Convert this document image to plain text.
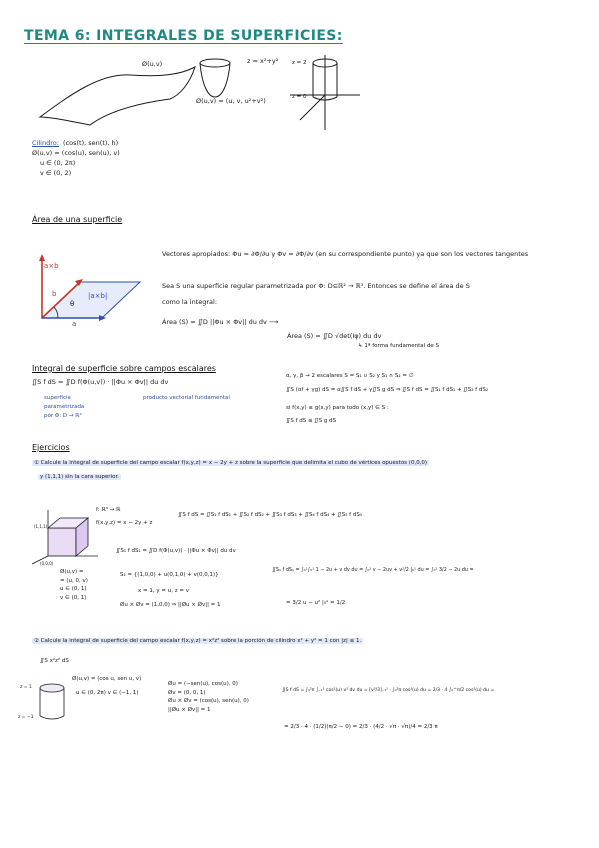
TEMA 6: INTEGRALES DE SUPERFICIES:
Ø(u,v)	z = x²+y²
Ø(u,v) = (u, v, u²+v²)
z = 2
z = 0
Cilindro: (cos(t), sen(t), h)
Ø(u,v) = (cos(u), sen(u), v)
u ∈ (0, 2π)
v ∈ (0, 2)
Área de una superficie
a×b
b
θ
|a×b|
a
Vectores apropiados: Φu = ∂Φ/∂u y Φv = ∂Φ/∂v (en su correspondiente punto) ya que son los vectores tangentes
Sea S una superficie regular parametrizada por Φ: D⊆ℝ² → ℝ³. Entonces se define el área de S
como la integral:
Área (S) = ∬D ||Φu × Φv|| du dv ⟶
Área (S) = ∬D √det(Iφ) du dv
↳ 1ª forma fundamental de S
Integral de superficie sobre campos escalares
∬S f dS = ∬D f(Φ(u,v)) · ||Φu × Φv|| du dv
superficie
parametrizada
por Φ: D → ℝ³
producto vectorial fundamental
α, γ, β → 2 escalares S = S₁ ∪ S₂ y S₁ ∩ S₂ = ∅
∬S (αf + γg) dS = α∬S f dS + γ∬S g dS ⇒ ∬S f dS = ∬S₁ f dS₁ + ∬S₂ f dS₂
si f(x,y) ≤ g(x,y) para todo (x,y) ∈ S :
∬S f dS ≤ ∬S g dS
Ejercicios
① Calcule la integral de superficie del campo escalar f(x,y,z) = x − 2y + z sobre la superficie que delimita el cubo de vértices opuestos (0,0,0)
y (1,1,1) sin la cara superior.
(1,1,1)
(0,0,0)
f: ℝ³ → ℝ
f(x,y,z) = x − 2y + z
∬S f dS = ∬S₁ f dS₁ + ∬S₂ f dS₂ + ∬S₃ f dS₃ + ∬S₄ f dS₄ + ∬S₅ f dS₅
∬S₁ f dS₁ = ∬D f(Φ(u,v)) · ||Φu × Φv|| du dv
Ø(u,v) =
= (u, 0, v)
u ∈ (0, 1)
v ∈ (0, 1)
S₁ = {(1,0,0) + u(0,1,0) + v(0,0,1)}
x = 1, y = u, z = v
Øu × Øv = (1,0,0) ⇒ ||Øu × Øv|| = 1
∬S₁ f dS₁ = ∫₀¹∫₀¹ 1 − 2u + v dv du = ∫₀¹ v − 2uv + v²/2 |₀¹ du = ∫₀¹ 3/2 − 2u du =
= 3/2 u − u² |₀¹ = 1/2
② Calcule la integral de superficie del campo escalar f(x,y,z) = x²z² sobre la porción de cilindro x² + y² = 1 con |z| ≤ 1.
∬S x²z² dS
Ø(u,v) = (cos u, sen u, v)
u ∈ (0, 2π) v ∈ (−1, 1)
z = 1
z = −1
Øu = (−sen(u), cos(u), 0)
Øv = (0, 0, 1)
Øu × Øv = (cos(u), sen(u), 0)
||Øu × Øv|| = 1
∬S f dS = ∫₀²π ∫₋₁¹ cos²(u) v² dv du = [v³/3]₋₁¹ · ∫₀²π cos²(u) du = 2/3 · 4 ∫₀^π/2 cos²(u) du =
= 2/3 · 4 · (1/2)(π/2 − 0) = 2/3 · (4/2 · √π · √π)/4 = 2/3 π
